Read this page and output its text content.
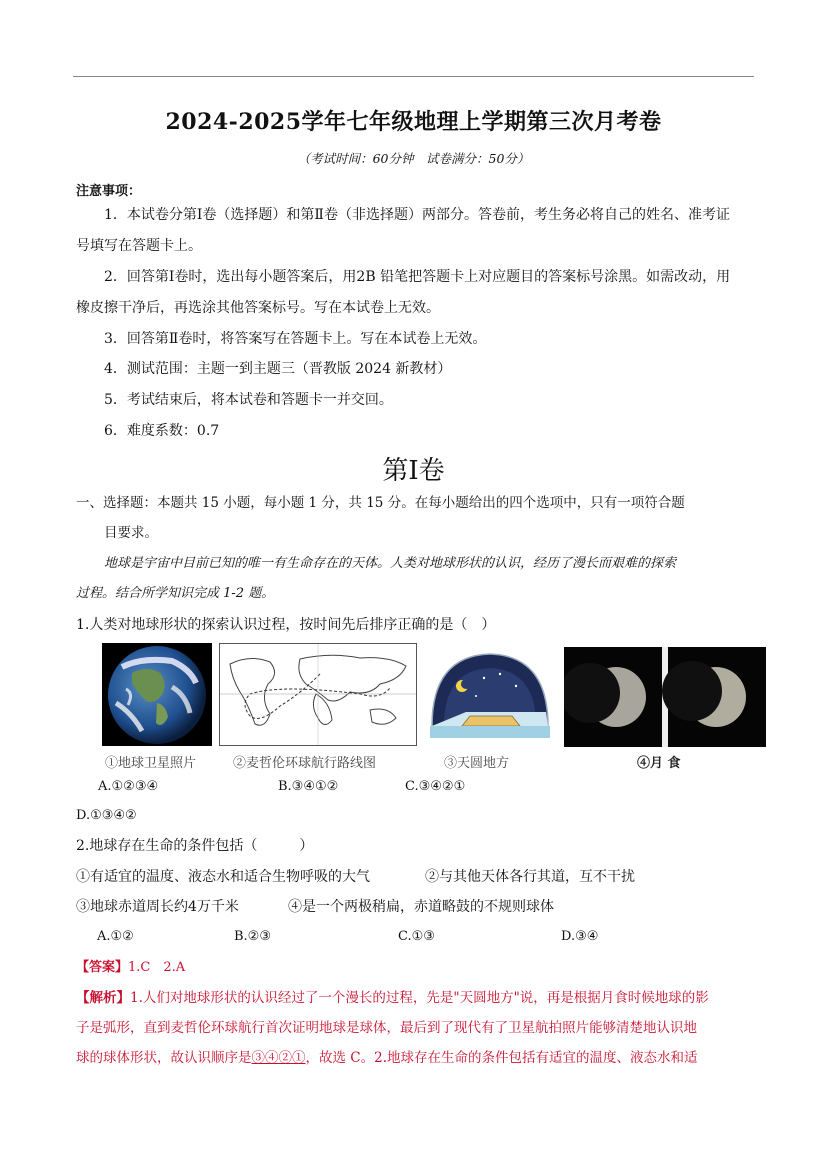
2024-2025学年七年级地理上学期第三次月考卷
（考试时间：60分钟　试卷满分：50分）
注意事项：
1．本试卷分第Ⅰ卷（选择题）和第Ⅱ卷（非选择题）两部分。答卷前，考生务必将自己的姓名、准考证
号填写在答题卡上。
2．回答第Ⅰ卷时，选出每小题答案后，用2B 铅笔把答题卡上对应题目的答案标号涂黑。如需改动，用
橡皮擦干净后，再选涂其他答案标号。写在本试卷上无效。
3．回答第Ⅱ卷时，将答案写在答题卡上。写在本试卷上无效。
4．测试范围：主题一到主题三（晋教版 2024 新教材）
5．考试结束后，将本试卷和答题卡一并交回。
6．难度系数：0.7
第Ⅰ卷
一、选择题：本题共 15 小题，每小题 1 分，共 15 分。在每小题给出的四个选项中，只有一项符合题
目要求。
地球是宇宙中目前已知的唯一有生命存在的天体。人类对地球形状的认识，经历了漫长而艰难的探索
过程。结合所学知识完成 1-2 题。
1.人类对地球形状的探索认识过程，按时间先后排序正确的是（　）
①地球卫星照片	②麦哲伦环球航行路线图	③天圆地方	④月 食
A.①②③④	B.③④①②	C.③④②①
D.①③④②
2.地球存在生命的条件包括（　　　）
①有适宜的温度、液态水和适合生物呼吸的大气	②与其他天体各行其道，互不干扰
③地球赤道周长约4万千米	④是一个两极稍扁，赤道略鼓的不规则球体
A.①②	B.②③	C.①③	D.③④
【答案】1.C　2.A
【解析】1.人们对地球形状的认识经过了一个漫长的过程，先是"天圆地方"说，再是根据月食时候地球的影
子是弧形，直到麦哲伦环球航行首次证明地球是球体，最后到了现代有了卫星航拍照片能够清楚地认识地
球的球体形状，故认识顺序是③④②①，故选 C。2.地球存在生命的条件包括有适宜的温度、液态水和适
